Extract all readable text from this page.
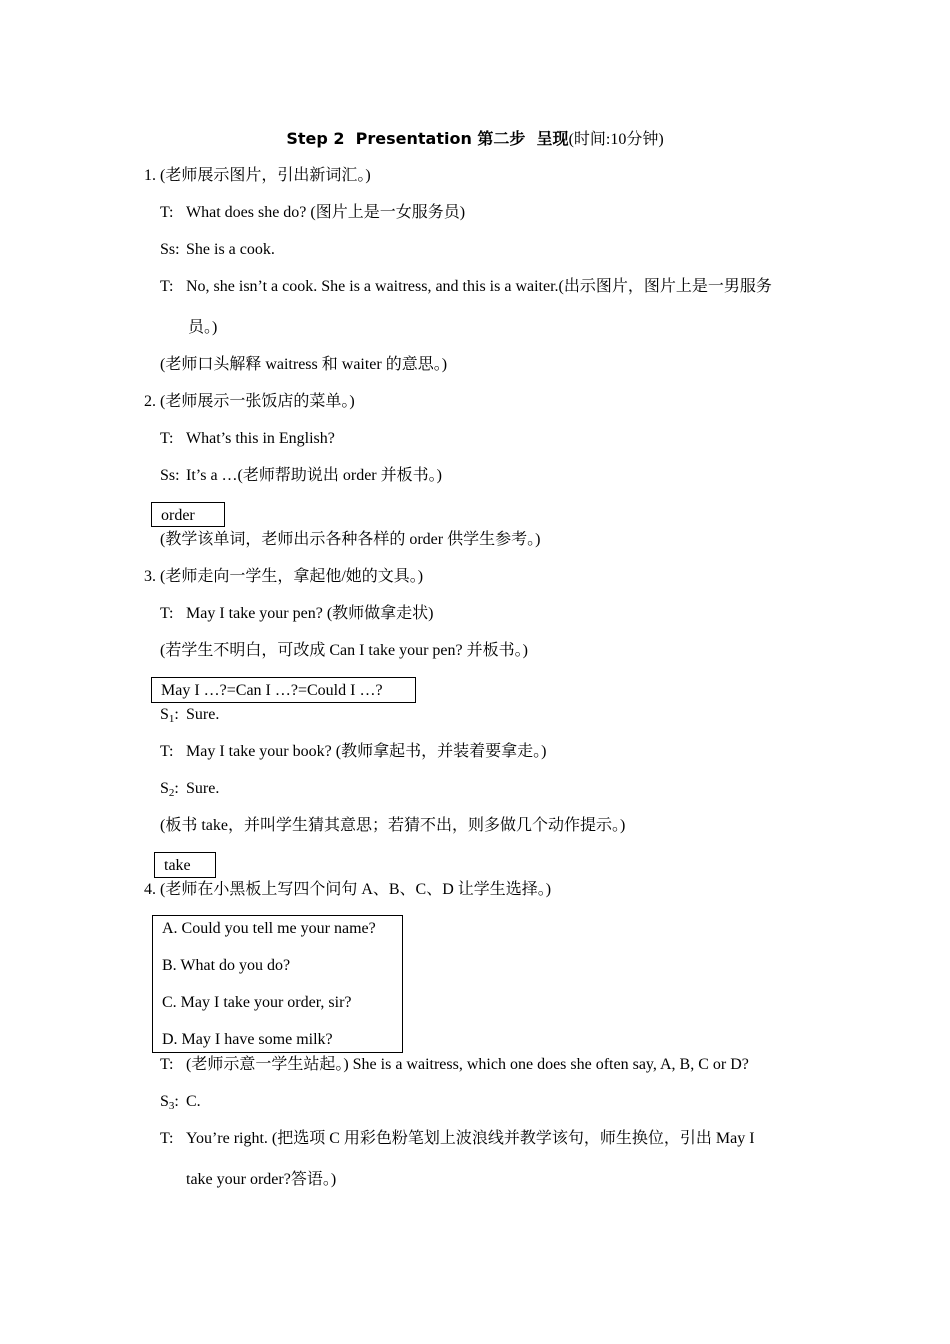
Step 2  Presentation 第二步  呈现(时间:10分钟)
1. (老师展示图片，引出新词汇。)
T: What does she do? (图片上是一女服务员)
Ss: She is a cook.
T: No, she isn’t a cook. She is a waitress, and this is a waiter.(出示图片，图片上是一男服务
员。)
(老师口头解释 waitress 和 waiter 的意思。)
2. (老师展示一张饭店的菜单。)
T: What’s this in English?
Ss: It’s a …(老师帮助说出 order 并板书。)
order
(教学该单词，老师出示各种各样的 order 供学生参考。)
3. (老师走向一学生，拿起他/她的文具。)
T: May I take your pen? (教师做拿走状)
(若学生不明白，可改成 Can I take your pen? 并板书。)
May I …?=Can I …?=Could I …?
$S_1$: Sure.
T: May I take your book? (教师拿起书，并装着要拿走。)
$S_2$: Sure.
(板书 take，并叫学生猜其意思；若猜不出，则多做几个动作提示。)
take
4. (老师在小黑板上写四个问句 A、B、C、D 让学生选择。)
A. Could you tell me your name?
B. What do you do?
C. May I take your order, sir?
D. May I have some milk?
T: (老师示意一学生站起。) She is a waitress, which one does she often say, A, B, C or D?
$S_3$: C.
T: You’re right. (把选项 C 用彩色粉笔划上波浪线并教学该句，师生换位，引出 May I
take your order?答语。)
